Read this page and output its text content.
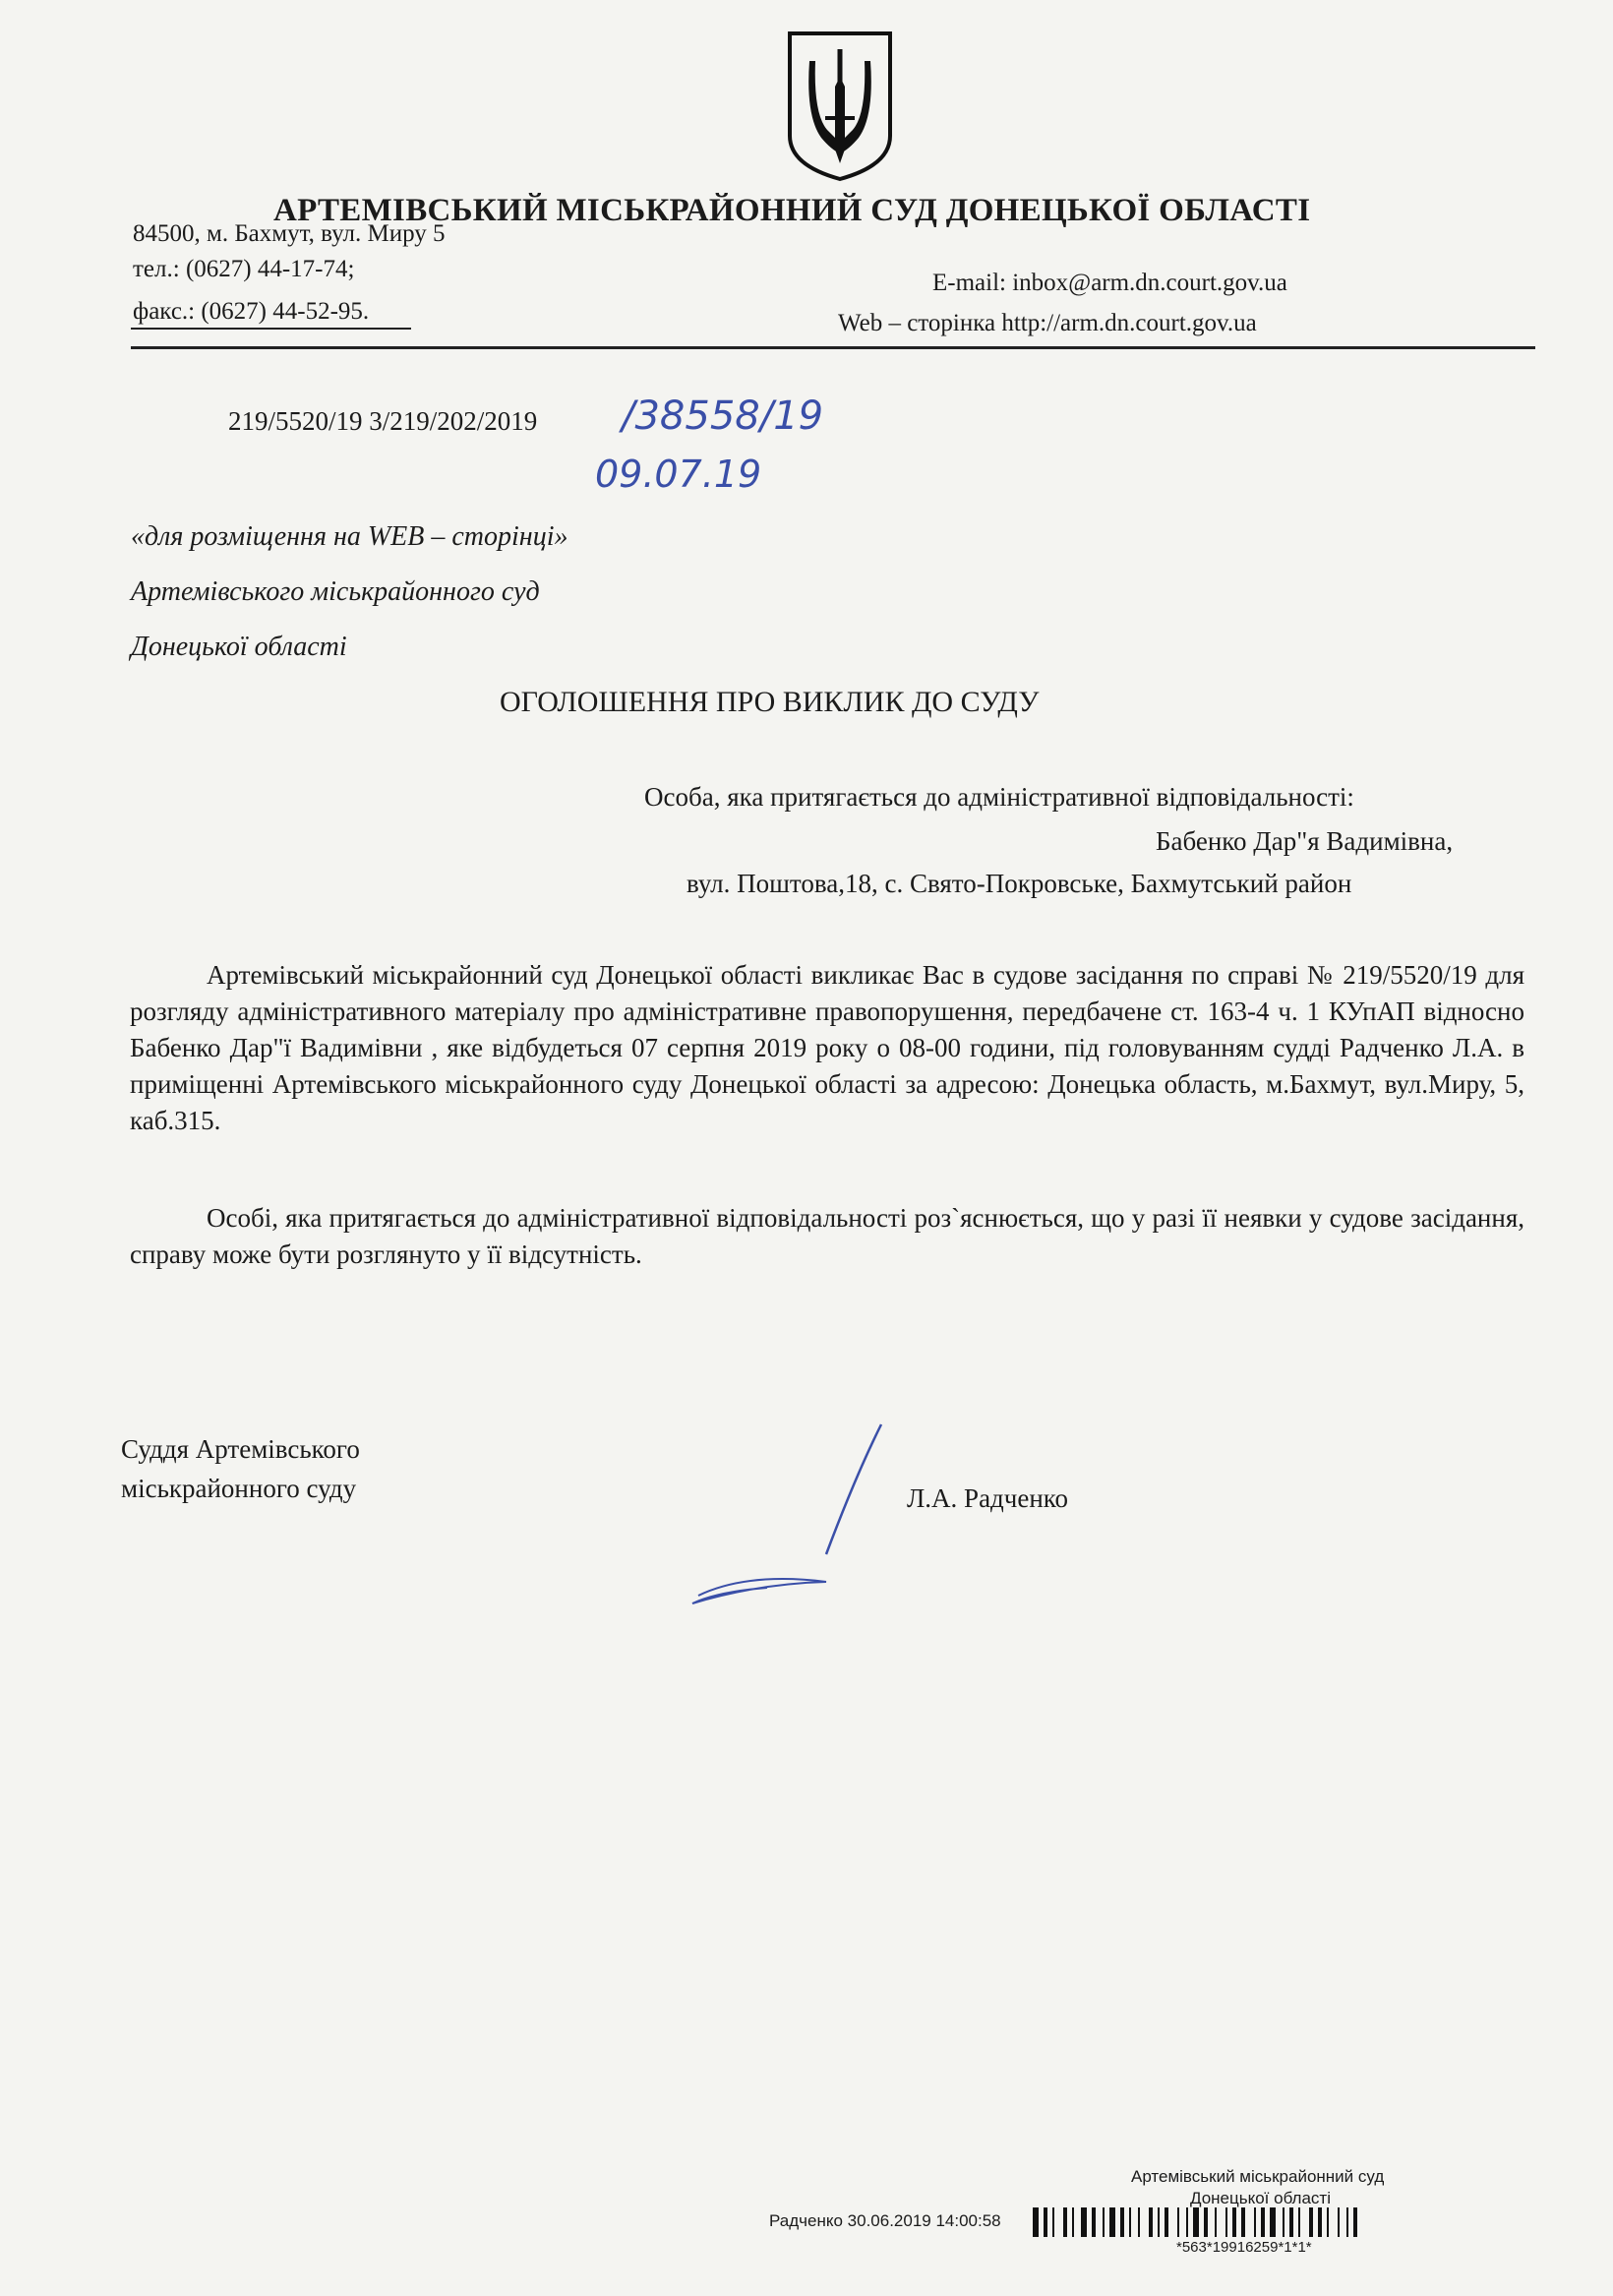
АРТЕМІВСЬКИЙ МІСЬКРАЙОННИЙ СУД ДОНЕЦЬКОЇ ОБЛАСТІ
84500, м. Бахмут, вул. Миру 5
тел.: (0627) 44-17-74;
факс.: (0627) 44-52-95.
E-mail: inbox@arm.dn.court.gov.ua
Web – сторінка http://arm.dn.court.gov.ua
219/5520/19 3/219/202/2019 /38558/19
09.07.19
«для розміщення на WEB – сторінці»
Артемівського міськрайонного суд
Донецької області
ОГОЛОШЕННЯ ПРО ВИКЛИК ДО СУДУ
Особа, яка притягається до адміністративної відповідальності:
Бабенко Дар"я Вадимівна,
вул. Поштова,18, с. Свято-Покровське, Бахмутський район
Артемівський міськрайонний суд Донецької області викликає Вас в судове засідання по справі № 219/5520/19 для розгляду адміністративного матеріалу про адміністративне правопорушення, передбачене ст. 163-4 ч. 1 КУпАП відносно Бабенко Дар"ї Вадимівни , яке відбудеться 07 серпня 2019 року о 08-00 години, під головуванням судді Радченко Л.А. в приміщенні Артемівського міськрайонного суду Донецької області за адресою: Донецька область, м.Бахмут, вул.Миру, 5, каб.315.
Особі, яка притягається до адміністративної відповідальності роз`яснюється, що у разі її неявки у судове засідання, справу може бути розглянуто у її відсутність.
Суддя Артемівського
міськрайонного суду	Л.А. Радченко
Артемівський міськрайонний суд
Донецької області
Радченко 30.06.2019 14:00:58
*563*19916259*1*1*
